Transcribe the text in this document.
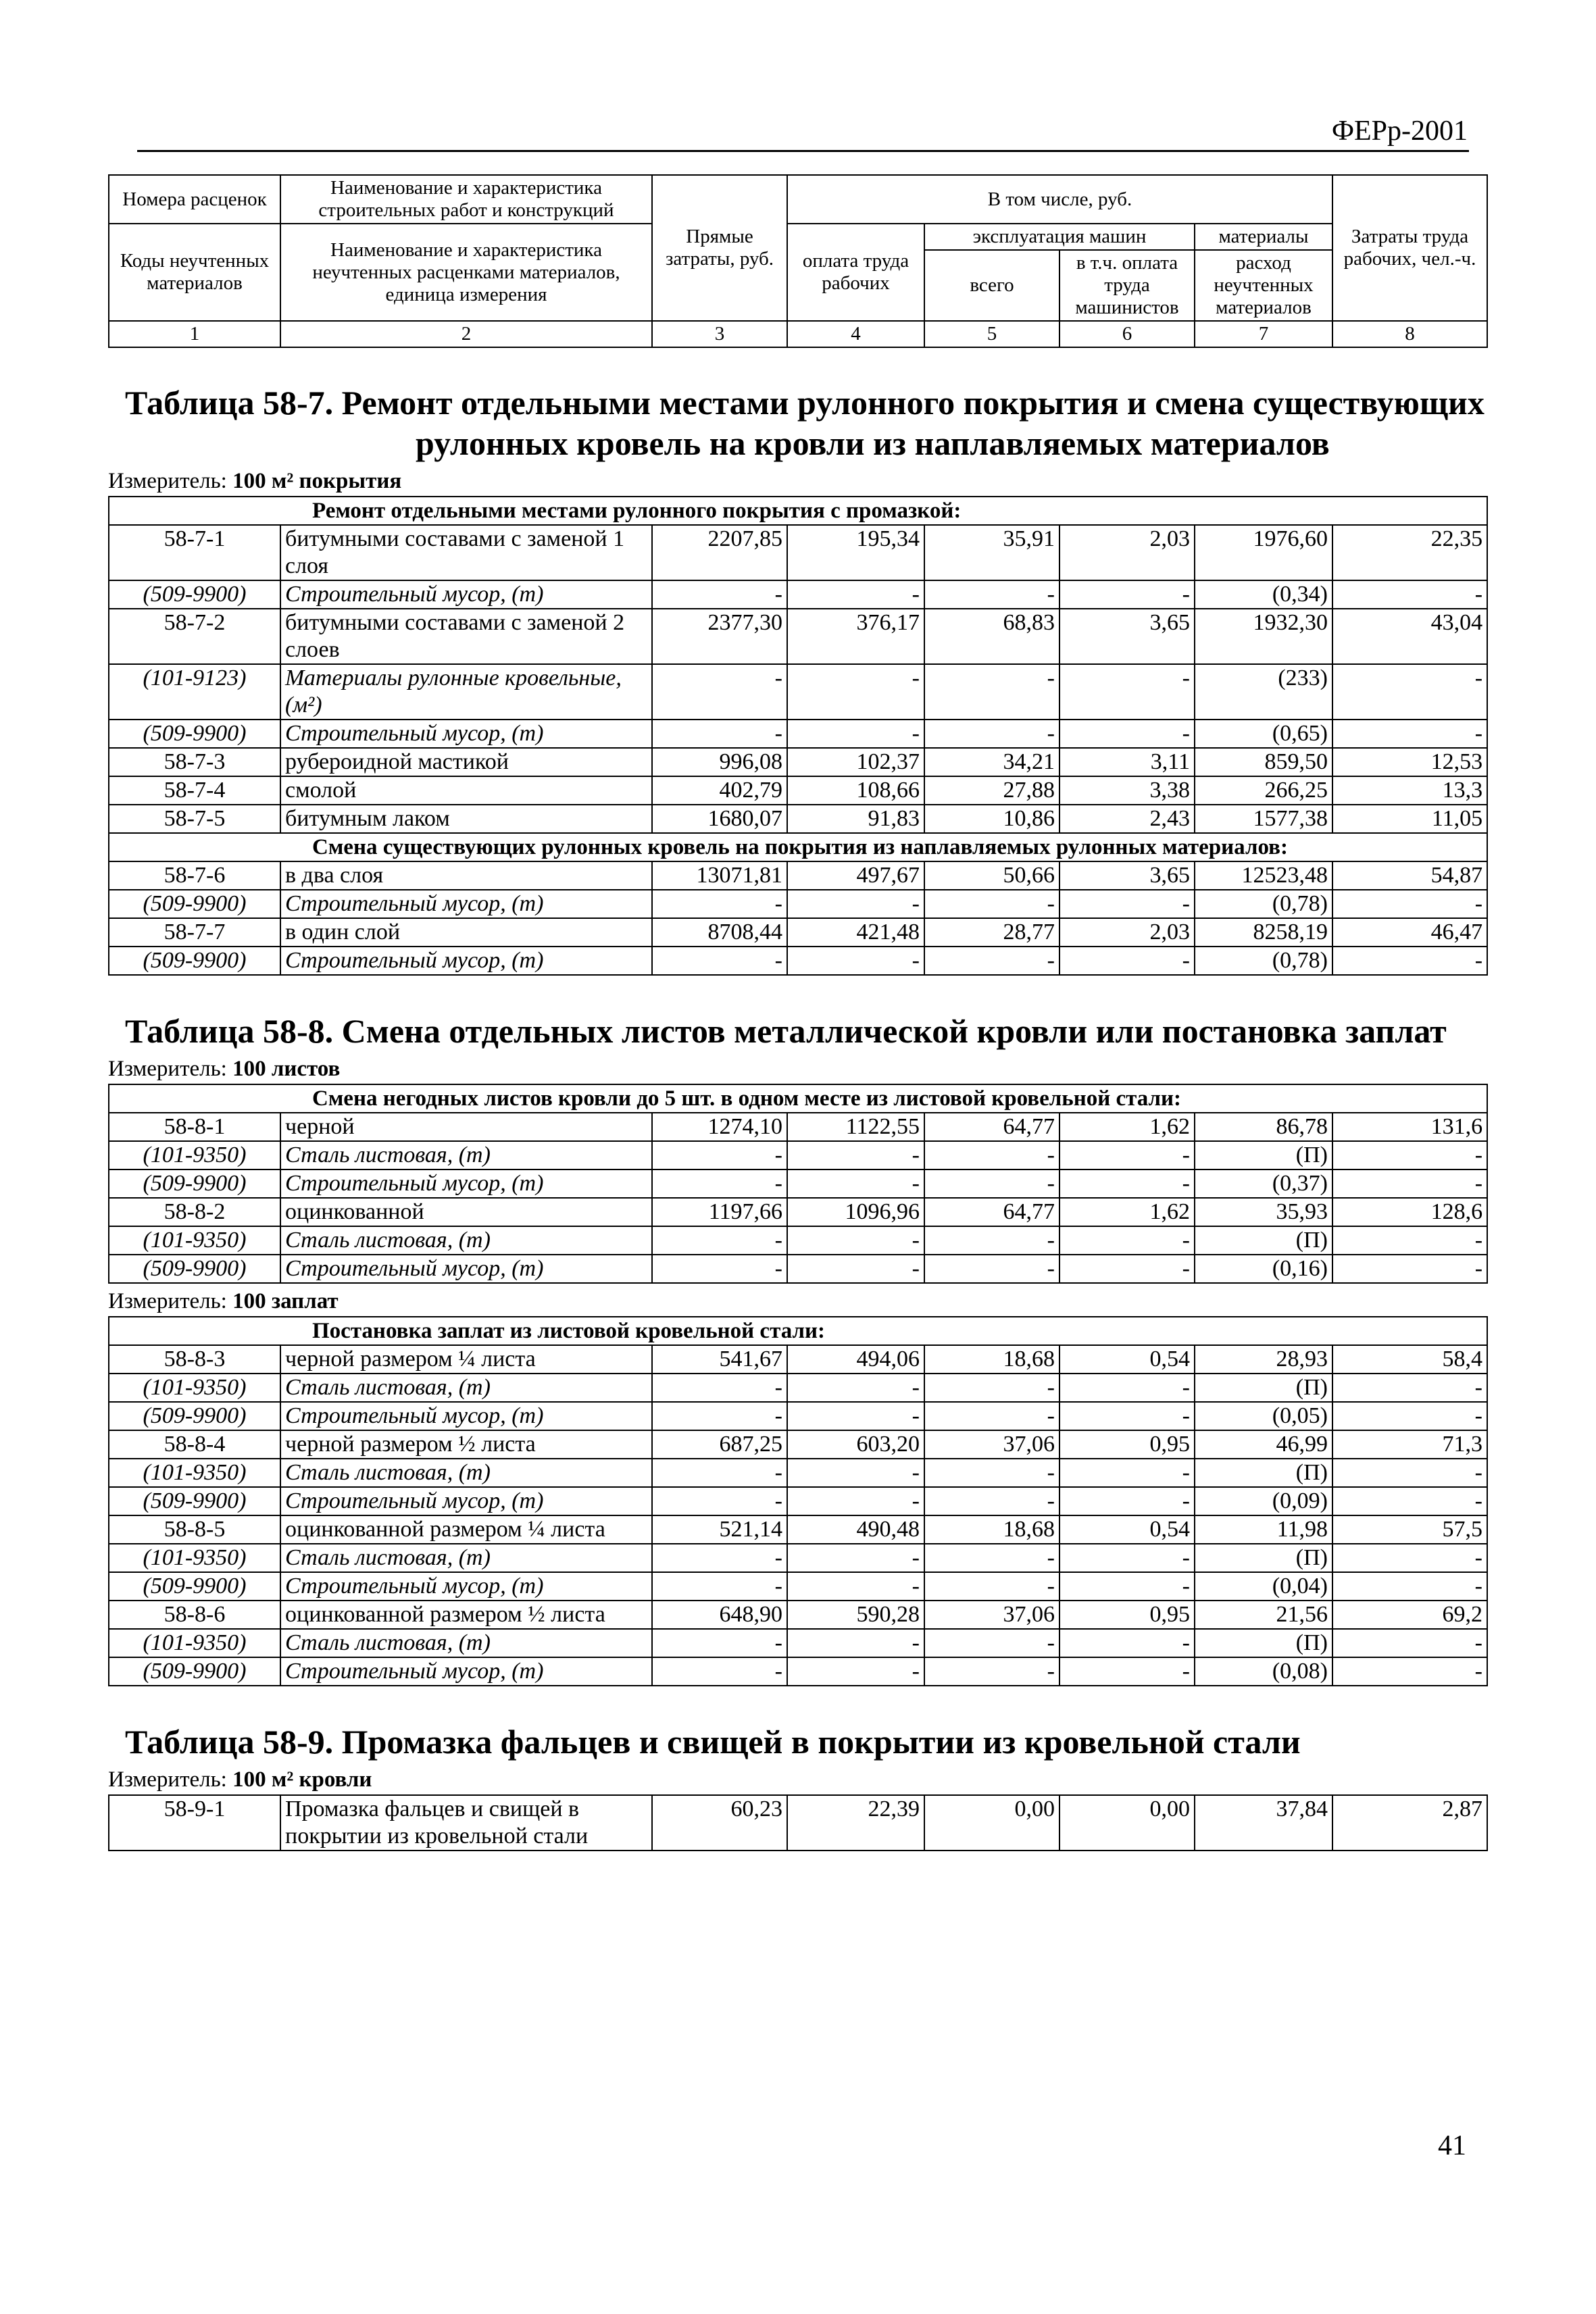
ФЕРр-2001
Номера расценок	Наименование и характеристика строительных работ и конструкций	Прямые затраты, руб.	В том числе, руб.				Затраты труда рабочих, чел.-ч.
Коды неучтенных материалов	Наименование и характеристика неучтенных расценками материалов, единица измерения		оплата труда рабочих	эксплуатация машин		материалы	
				всего	в т.ч. оплата труда машинистов	расход неучтенных материалов	

1	2	3	4	5	6	7	8
Таблица 58-7. Ремонт отдельными местами рулонного покрытия и смена существующих
рулонных кровель на кровли из наплавляемых материалов
Измеритель: 100 м² покрытия
Ремонт отдельными местами рулонного покрытия с промазкой:							
58-7-1	битумными составами с заменой 1 слоя	2207,85	195,34	35,91	2,03	1976,60	22,35
(509-9900)	Строительный мусор, (т)	-	-	-	-	(0,34)	-
58-7-2	битумными составами с заменой 2 слоев	2377,30	376,17	68,83	3,65	1932,30	43,04
(101-9123)	Материалы рулонные кровельные, (м²)	-	-	-	-	(233)	-
(509-9900)	Строительный мусор, (т)	-	-	-	-	(0,65)	-
58-7-3	рубероидной мастикой	996,08	102,37	34,21	3,11	859,50	12,53
58-7-4	смолой	402,79	108,66	27,88	3,38	266,25	13,3
58-7-5	битумным лаком	1680,07	91,83	10,86	2,43	1577,38	11,05
Смена существующих рулонных кровель на покрытия из наплавляемых рулонных материалов:							
58-7-6	в два слоя	13071,81	497,67	50,66	3,65	12523,48	54,87
(509-9900)	Строительный мусор, (т)	-	-	-	-	(0,78)	-
58-7-7	в один слой	8708,44	421,48	28,77	2,03	8258,19	46,47
(509-9900)	Строительный мусор, (т)	-	-	-	-	(0,78)	-
Таблица 58-8. Смена отдельных листов металлической кровли или постановка заплат
Измеритель: 100 листов
Смена негодных листов кровли до 5 шт. в одном месте из листовой кровельной стали:							
58-8-1	черной	1274,10	1122,55	64,77	1,62	86,78	131,6
(101-9350)	Сталь листовая, (т)	-	-	-	-	(П)	-
(509-9900)	Строительный мусор, (т)	-	-	-	-	(0,37)	-
58-8-2	оцинкованной	1197,66	1096,96	64,77	1,62	35,93	128,6
(101-9350)	Сталь листовая, (т)	-	-	-	-	(П)	-
(509-9900)	Строительный мусор, (т)	-	-	-	-	(0,16)	-
Измеритель: 100 заплат
Постановка заплат из листовой кровельной стали:							
58-8-3	черной размером ¼ листа	541,67	494,06	18,68	0,54	28,93	58,4
(101-9350)	Сталь листовая, (т)	-	-	-	-	(П)	-
(509-9900)	Строительный мусор, (т)	-	-	-	-	(0,05)	-
58-8-4	черной размером ½ листа	687,25	603,20	37,06	0,95	46,99	71,3
(101-9350)	Сталь листовая, (т)	-	-	-	-	(П)	-
(509-9900)	Строительный мусор, (т)	-	-	-	-	(0,09)	-
58-8-5	оцинкованной размером ¼ листа	521,14	490,48	18,68	0,54	11,98	57,5
(101-9350)	Сталь листовая, (т)	-	-	-	-	(П)	-
(509-9900)	Строительный мусор, (т)	-	-	-	-	(0,04)	-
58-8-6	оцинкованной размером ½ листа	648,90	590,28	37,06	0,95	21,56	69,2
(101-9350)	Сталь листовая, (т)	-	-	-	-	(П)	-
(509-9900)	Строительный мусор, (т)	-	-	-	-	(0,08)	-
Таблица 58-9. Промазка фальцев и свищей в покрытии из кровельной стали
Измеритель: 100 м² кровли
58-9-1	Промазка фальцев и свищей в покрытии из кровельной стали	60,23	22,39	0,00	0,00	37,84	2,87
41
